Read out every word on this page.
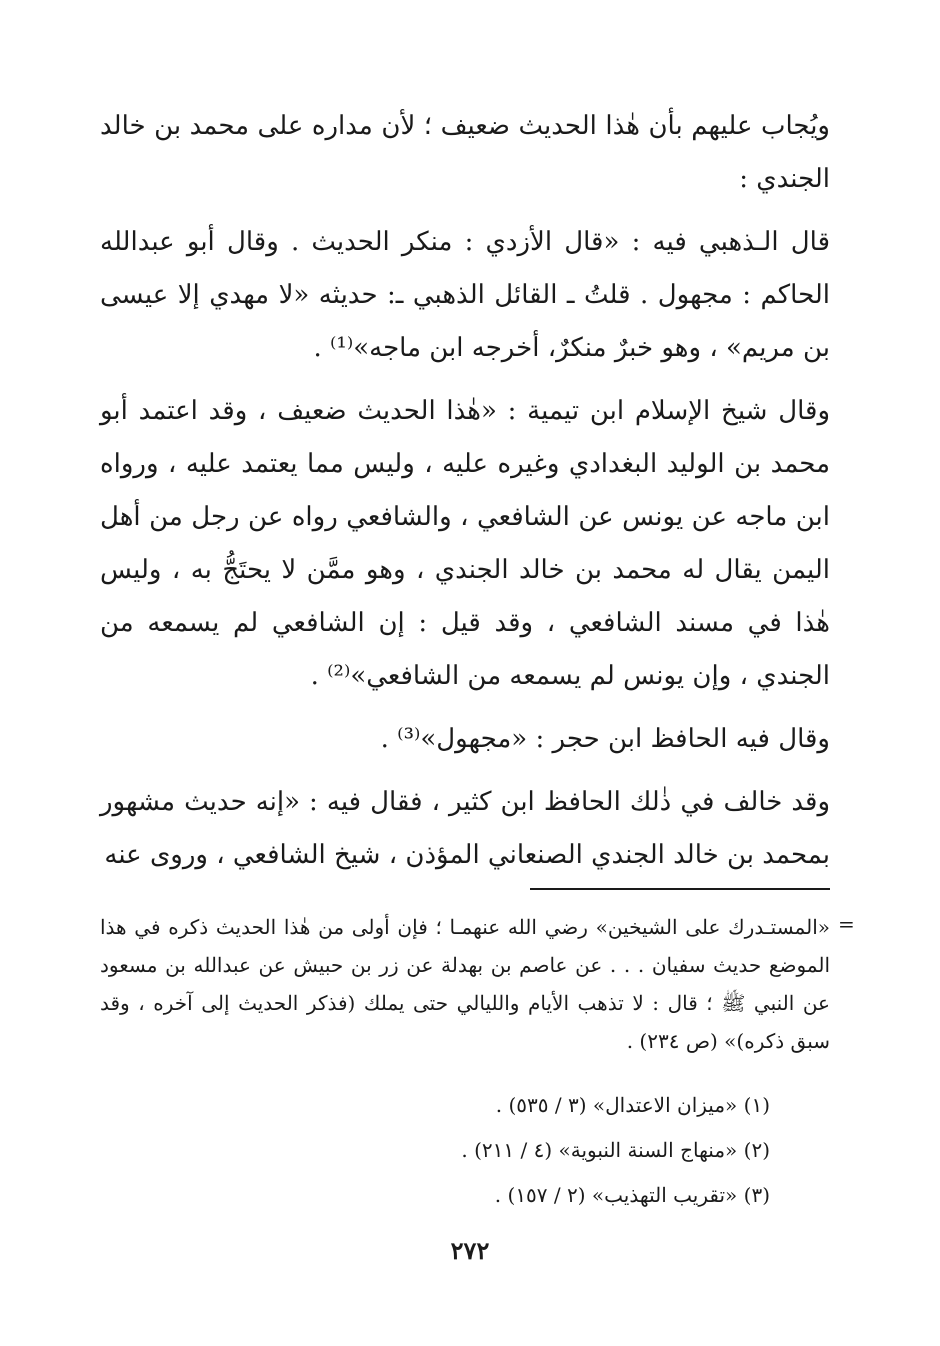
ويُجاب عليهم بأن هٰذا الحديث ضعيف ؛ لأن مداره على محمد بن خالد الجندي :

قال الـذهبي فيه : «قال الأزدي : منكر الحديث . وقال أبو عبدالله الحاكم : مجهول . قلتُ ـ القائل الذهبي ـ: حديثه «لا مهدي إلا عيسى بن مريم» ، وهو خبرٌ منكرٌ، أخرجه ابن ماجه»⁽¹⁾ .

وقال شيخ الإسلام ابن تيمية : «هٰذا الحديث ضعيف ، وقد اعتمد أبو محمد بن الوليد البغدادي وغيره عليه ، وليس مما يعتمد عليه ، ورواه ابن ماجه عن يونس عن الشافعي ، والشافعي رواه عن رجل من أهل اليمن يقال له محمد بن خالد الجندي ، وهو ممَّن لا يحتَجُّ به ، وليس هٰذا في مسند الشافعي ، وقد قيل : إن الشافعي لم يسمعه من الجندي ، وإن يونس لم يسمعه من الشافعي»⁽²⁾ .

وقال فيه الحافظ ابن حجر : «مجهول»⁽³⁾ .

وقد خالف في ذٰلك الحافظ ابن كثير ، فقال فيه : «إنه حديث مشهور بمحمد بن خالد الجندي الصنعاني المؤذن ، شيخ الشافعي ، وروى عنه

=

«المستـدرك على الشيخين» رضي الله عنهمـا ؛ فإن أولى من هٰذا الحديث ذكره في هذا الموضع حديث سفيان . . . عن عاصم بن بهدلة عن زر بن حبيش عن عبدالله بن مسعود عن النبي ﷺ ؛ قال : لا تذهب الأيام والليالي حتى يملك (فذكر الحديث إلى آخره ، وقد سبق ذكره)» (ص ٢٣٤) .

(١) «ميزان الاعتدال» (٣ / ٥٣٥) .
(٢) «منهاج السنة النبوية» (٤ / ٢١١) .
(٣) «تقريب التهذيب» (٢ / ١٥٧) .
٢٧٢
